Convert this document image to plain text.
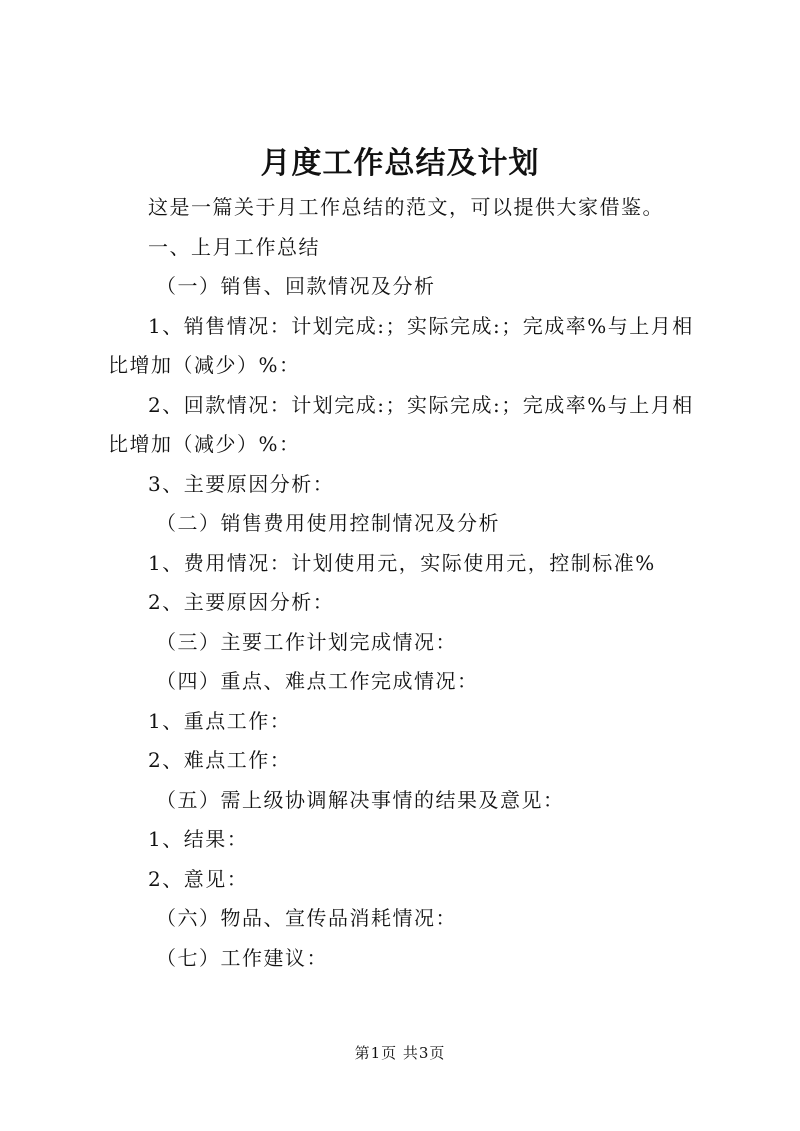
月度工作总结及计划

这是一篇关于月工作总结的范文，可以提供大家借鉴。

一、上月工作总结

（一）销售、回款情况及分析

1、销售情况：计划完成:；实际完成:；完成率%与上月相比增加（减少）%：

2、回款情况：计划完成:；实际完成:；完成率%与上月相比增加（减少）%：

3、主要原因分析：

（二）销售费用使用控制情况及分析

1、费用情况：计划使用元，实际使用元，控制标准%

2、主要原因分析：

（三）主要工作计划完成情况：

（四）重点、难点工作完成情况：

1、重点工作：

2、难点工作：

（五）需上级协调解决事情的结果及意见：

1、结果：

2、意见：

（六）物品、宣传品消耗情况：

（七）工作建议：

第1页 共3页
